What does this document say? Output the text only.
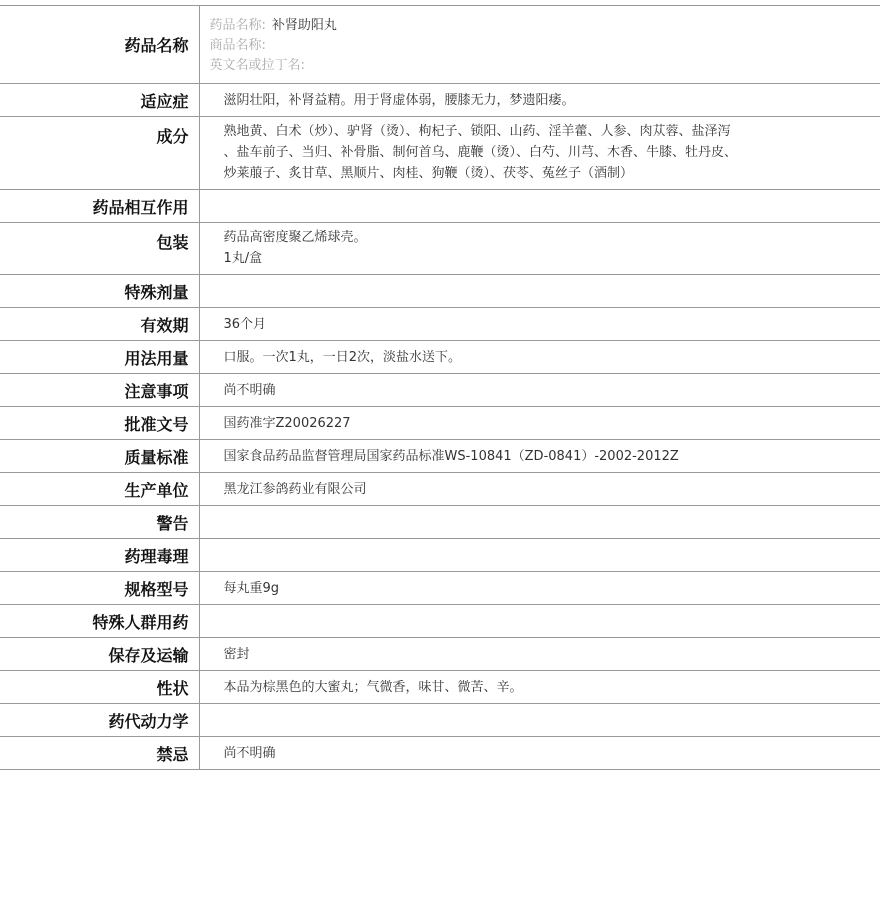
药品名称	药品名称: 补肾助阳丸
商品名称:
英文名或拉丁名:

适应症	滋阴壮阳，补肾益精。用于肾虚体弱，腰膝无力，梦遗阳痿。
成分	熟地黄、白术（炒）、驴肾（烫）、枸杞子、锁阳、山药、淫羊藿、人参、肉苁蓉、盐泽泻
、盐车前子、当归、补骨脂、制何首乌、鹿鞭（烫）、白芍、川芎、木香、牛膝、牡丹皮、
炒莱菔子、炙甘草、黑顺片、肉桂、狗鞭（烫）、茯苓、菟丝子（酒制）

药品相互作用	
包装	药品高密度聚乙烯球壳。
1丸/盒

特殊剂量	
有效期	36个月
用法用量	口服。一次1丸，一日2次，淡盐水送下。
注意事项	尚不明确
批准文号	国药准字Z20026227
质量标准	国家食品药品监督管理局国家药品标准WS-10841（ZD-0841）-2002-2012Z
生产单位	黑龙江参鸽药业有限公司
警告	
药理毒理	
规格型号	每丸重9g
特殊人群用药	
保存及运输	密封
性状	本品为棕黑色的大蜜丸；气微香，味甘、微苦、辛。
药代动力学	
禁忌	尚不明确
